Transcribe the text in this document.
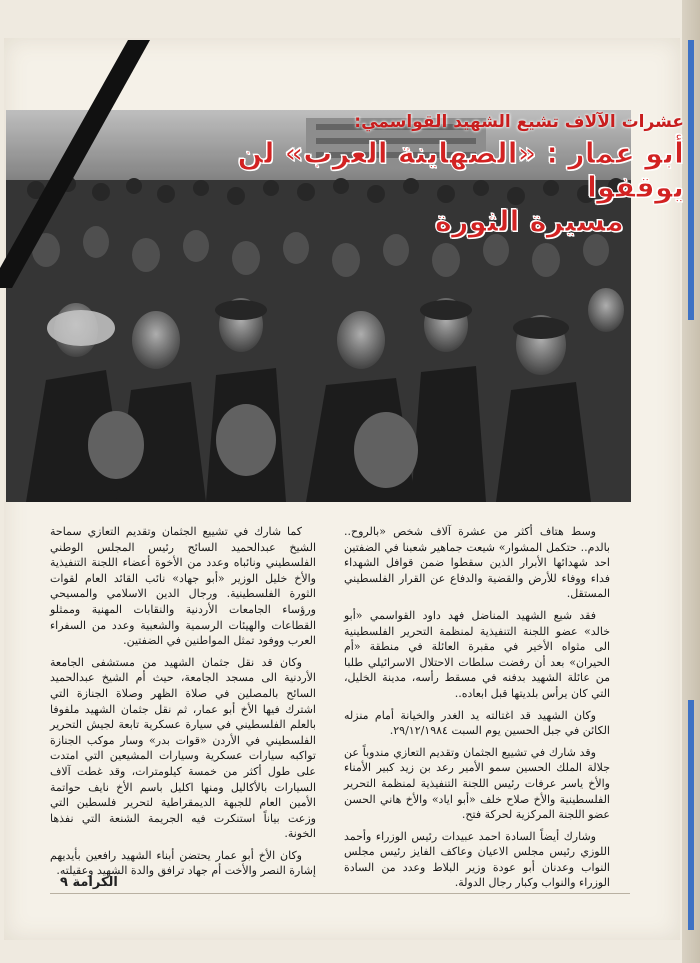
عشرات الآلاف تشيع الشهيد القواسمي:
أبو عمار : «الصهاينة العرب» لن يوقفوا
مسيرة الثورة

وسط هتاف أكثر من عشرة آلاف شخص «بالروح.. بالدم.. حتكمل المشوار» شيعت جماهير شعبنا في الضفتين احد شهدائها الأبرار الذين سقطوا ضمن قوافل الشهداء فداء ووفاء للأرض والقضية والدفاع عن القرار الفلسطيني المستقل.

فقد شيع الشهيد المناضل فهد داود القواسمي «أبو خالد» عضو اللجنة التنفيذية لمنظمة التحرير الفلسطينية الى مثواه الأخير في مقبرة العائلة في منطقة «أم الحيران» بعد أن رفضت سلطات الاحتلال الاسرائيلي طلبا من عائلة الشهيد بدفنه في مسقط رأسه، مدينة الخليل، التي كان يرأس بلديتها قبل ابعاده..

وكان الشهيد قد اغتالته يد الغدر والخيانة أمام منزله الكائن في جبل الحسين يوم السبت ٢٩/١٢/١٩٨٤.

وقد شارك في تشييع الجثمان وتقديم التعازي مندوباً عن جلالة الملك الحسين سمو الأمير رعد بن زيد كبير الأمناء والأخ ياسر عرفات رئيس اللجنة التنفيذية لمنظمة التحرير الفلسطينية والأخ صلاح خلف «أبو اياد» والأخ هاني الحسن عضو اللجنة المركزية لحركة فتح.

وشارك أيضاً السادة احمد عبيدات رئيس الوزراء وأحمد اللوزي رئيس مجلس الاعيان وعاكف الفايز رئيس مجلس النواب وعدنان أبو عودة وزير البلاط وعدد من السادة الوزراء والنواب وكبار رجال الدولة.

كما شارك في تشييع الجثمان وتقديم التعازي سماحة الشيخ عبدالحميد السائح رئيس المجلس الوطني الفلسطيني ونائباه وعدد من الأخوة أعضاء اللجنة التنفيذية والأخ خليل الوزير «أبو جهاد» نائب القائد العام لقوات الثورة الفلسطينية. ورجال الدين الاسلامي والمسيحي ورؤساء الجامعات الأردنية والنقابات المهنية وممثلو القطاعات والهيئات الرسمية والشعبية وعدد من السفراء العرب ووفود تمثل المواطنين في الضفتين.

وكان قد نقل جثمان الشهيد من مستشفى الجامعة الأردنية الى مسجد الجامعة، حيث أم الشيخ عبدالحميد السائح بالمصلين في صلاة الظهر وصلاة الجنازة التي اشترك فيها الأخ أبو عمار، ثم نقل جثمان الشهيد ملفوفا بالعلم الفلسطيني في سيارة عسكرية تابعة لجيش التحرير الفلسطيني في الأردن «قوات بدر» وسار موكب الجنازة تواكبه سيارات عسكرية وسيارات المشيعين التي امتدت على طول أكثر من خمسة كيلومترات، وقد غطت آلاف السيارات بالأكاليل ومنها اكليل باسم الأخ نايف حواتمة الأمين العام للجبهة الديمقراطية لتحرير فلسطين التي وزعت بياناً استنكرت فيه الجريمة الشنعة التي نفذها الخونة.

وكان الأخ أبو عمار يحتضن أبناء الشهيد رافعين بأيديهم إشارة النصر والأخت أم جهاد ترافق والدة الشهيد وعقيلته.

الكرامة ٩
